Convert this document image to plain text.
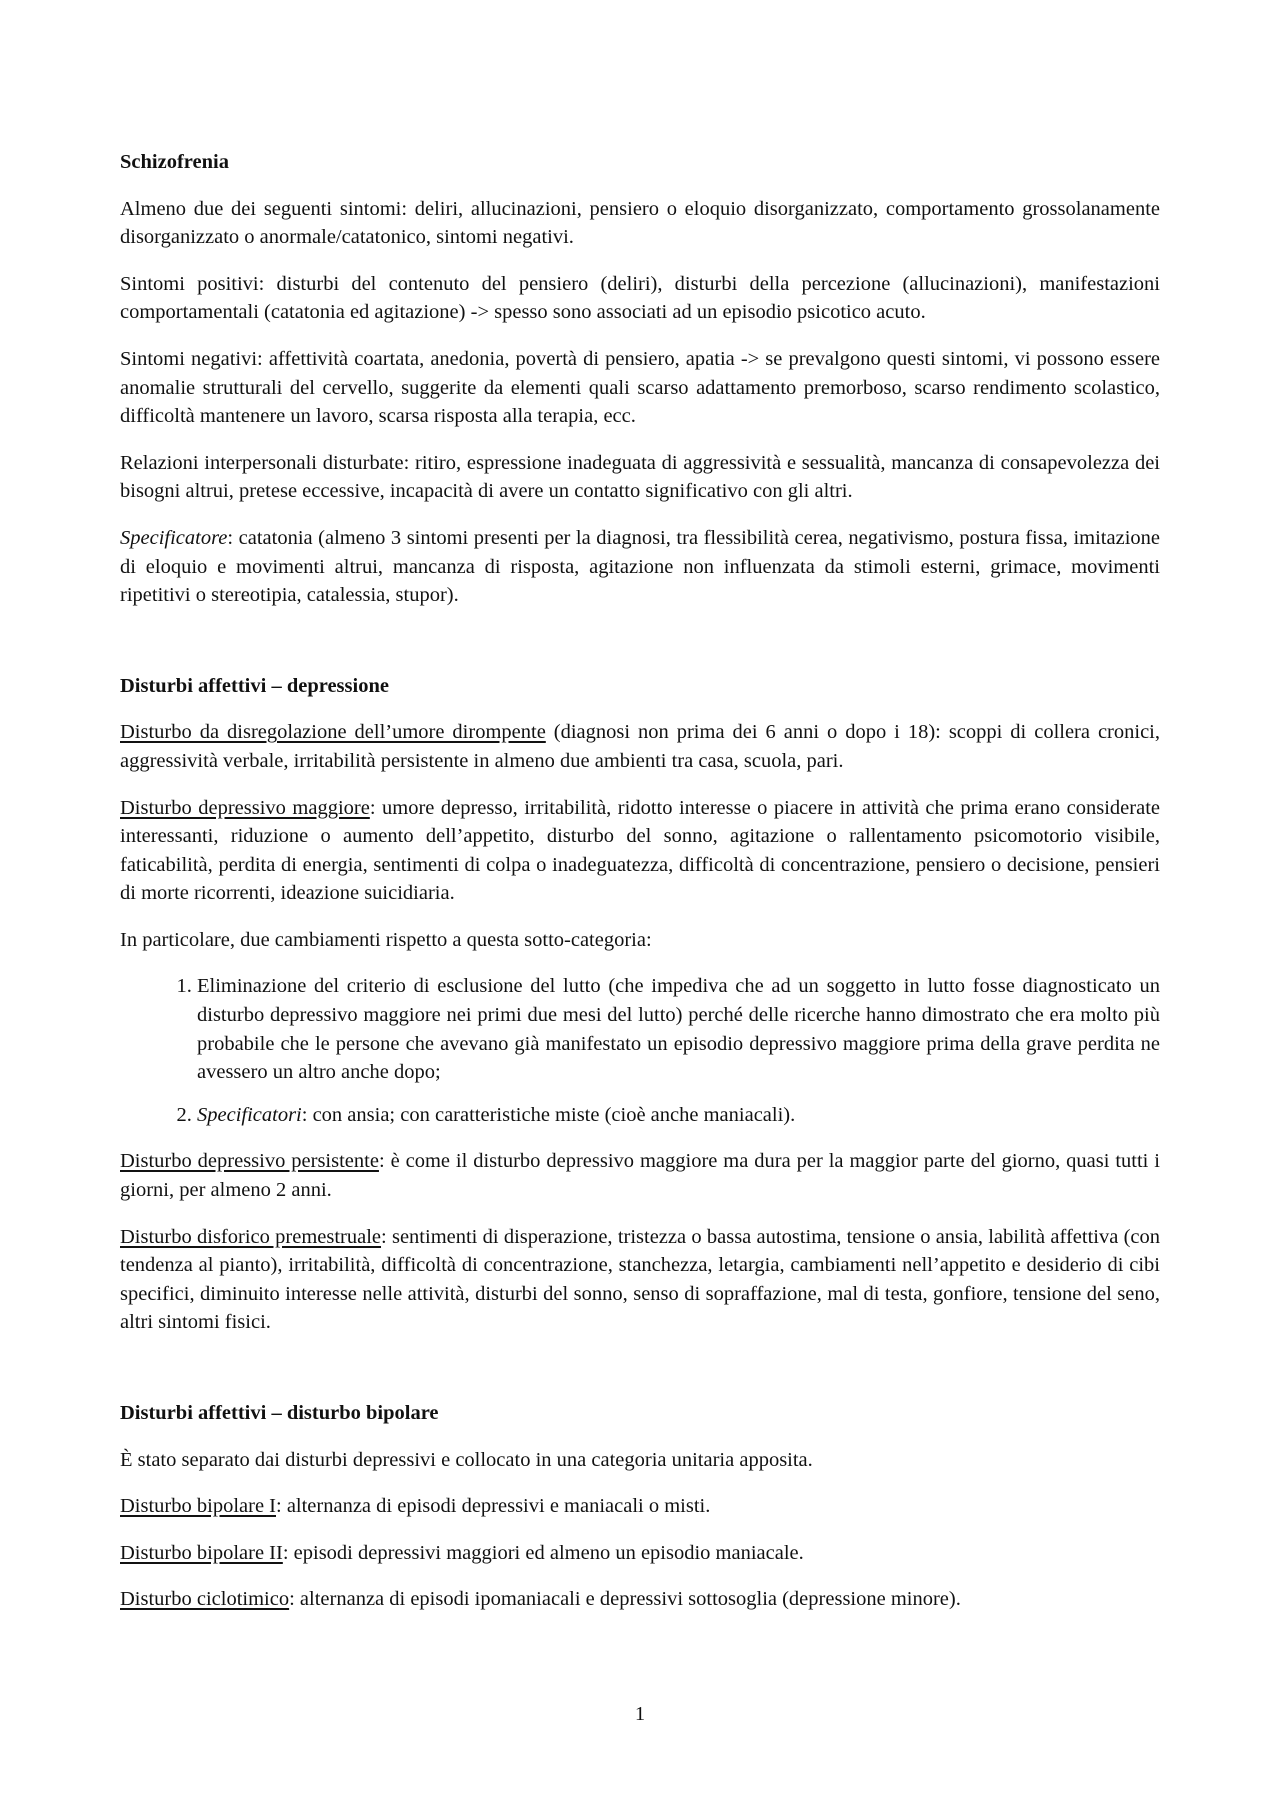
Schizofrenia

Almeno due dei seguenti sintomi: deliri, allucinazioni, pensiero o eloquio disorganizzato, comportamento grossolanamente disorganizzato o anormale/catatonico, sintomi negativi.

Sintomi positivi: disturbi del contenuto del pensiero (deliri), disturbi della percezione (allucinazioni), manifestazioni comportamentali (catatonia ed agitazione) -> spesso sono associati ad un episodio psicotico acuto.

Sintomi negativi: affettività coartata, anedonia, povertà di pensiero, apatia -> se prevalgono questi sintomi, vi possono essere anomalie strutturali del cervello, suggerite da elementi quali scarso adattamento premorboso, scarso rendimento scolastico, difficoltà mantenere un lavoro, scarsa risposta alla terapia, ecc.

Relazioni interpersonali disturbate: ritiro, espressione inadeguata di aggressività e sessualità, mancanza di consapevolezza dei bisogni altrui, pretese eccessive, incapacità di avere un contatto significativo con gli altri.

Specificatore: catatonia (almeno 3 sintomi presenti per la diagnosi, tra flessibilità cerea, negativismo, postura fissa, imitazione di eloquio e movimenti altrui, mancanza di risposta, agitazione non influenzata da stimoli esterni, grimace, movimenti ripetitivi o stereotipia, catalessia, stupor).

Disturbi affettivi – depressione

Disturbo da disregolazione dell’umore dirompente (diagnosi non prima dei 6 anni o dopo i 18): scoppi di collera cronici, aggressività verbale, irritabilità persistente in almeno due ambienti tra casa, scuola, pari.

Disturbo depressivo maggiore: umore depresso, irritabilità, ridotto interesse o piacere in attività che prima erano considerate interessanti, riduzione o aumento dell’appetito, disturbo del sonno, agitazione o rallentamento psicomotorio visibile, faticabilità, perdita di energia, sentimenti di colpa o inadeguatezza, difficoltà di concentrazione, pensiero o decisione, pensieri di morte ricorrenti, ideazione suicidiaria.

In particolare, due cambiamenti rispetto a questa sotto-categoria:

1. Eliminazione del criterio di esclusione del lutto (che impediva che ad un soggetto in lutto fosse diagnosticato un disturbo depressivo maggiore nei primi due mesi del lutto) perché delle ricerche hanno dimostrato che era molto più probabile che le persone che avevano già manifestato un episodio depressivo maggiore prima della grave perdita ne avessero un altro anche dopo;
2. Specificatori: con ansia; con caratteristiche miste (cioè anche maniacali).

Disturbo depressivo persistente: è come il disturbo depressivo maggiore ma dura per la maggior parte del giorno, quasi tutti i giorni, per almeno 2 anni.

Disturbo disforico premestruale: sentimenti di disperazione, tristezza o bassa autostima, tensione o ansia, labilità affettiva (con tendenza al pianto), irritabilità, difficoltà di concentrazione, stanchezza, letargia, cambiamenti nell’appetito e desiderio di cibi specifici, diminuito interesse nelle attività, disturbi del sonno, senso di sopraffazione, mal di testa, gonfiore, tensione del seno, altri sintomi fisici.

Disturbi affettivi – disturbo bipolare

È stato separato dai disturbi depressivi e collocato in una categoria unitaria apposita.

Disturbo bipolare I: alternanza di episodi depressivi e maniacali o misti.

Disturbo bipolare II: episodi depressivi maggiori ed almeno un episodio maniacale.

Disturbo ciclotimico: alternanza di episodi ipomaniacali e depressivi sottosoglia (depressione minore).

1
